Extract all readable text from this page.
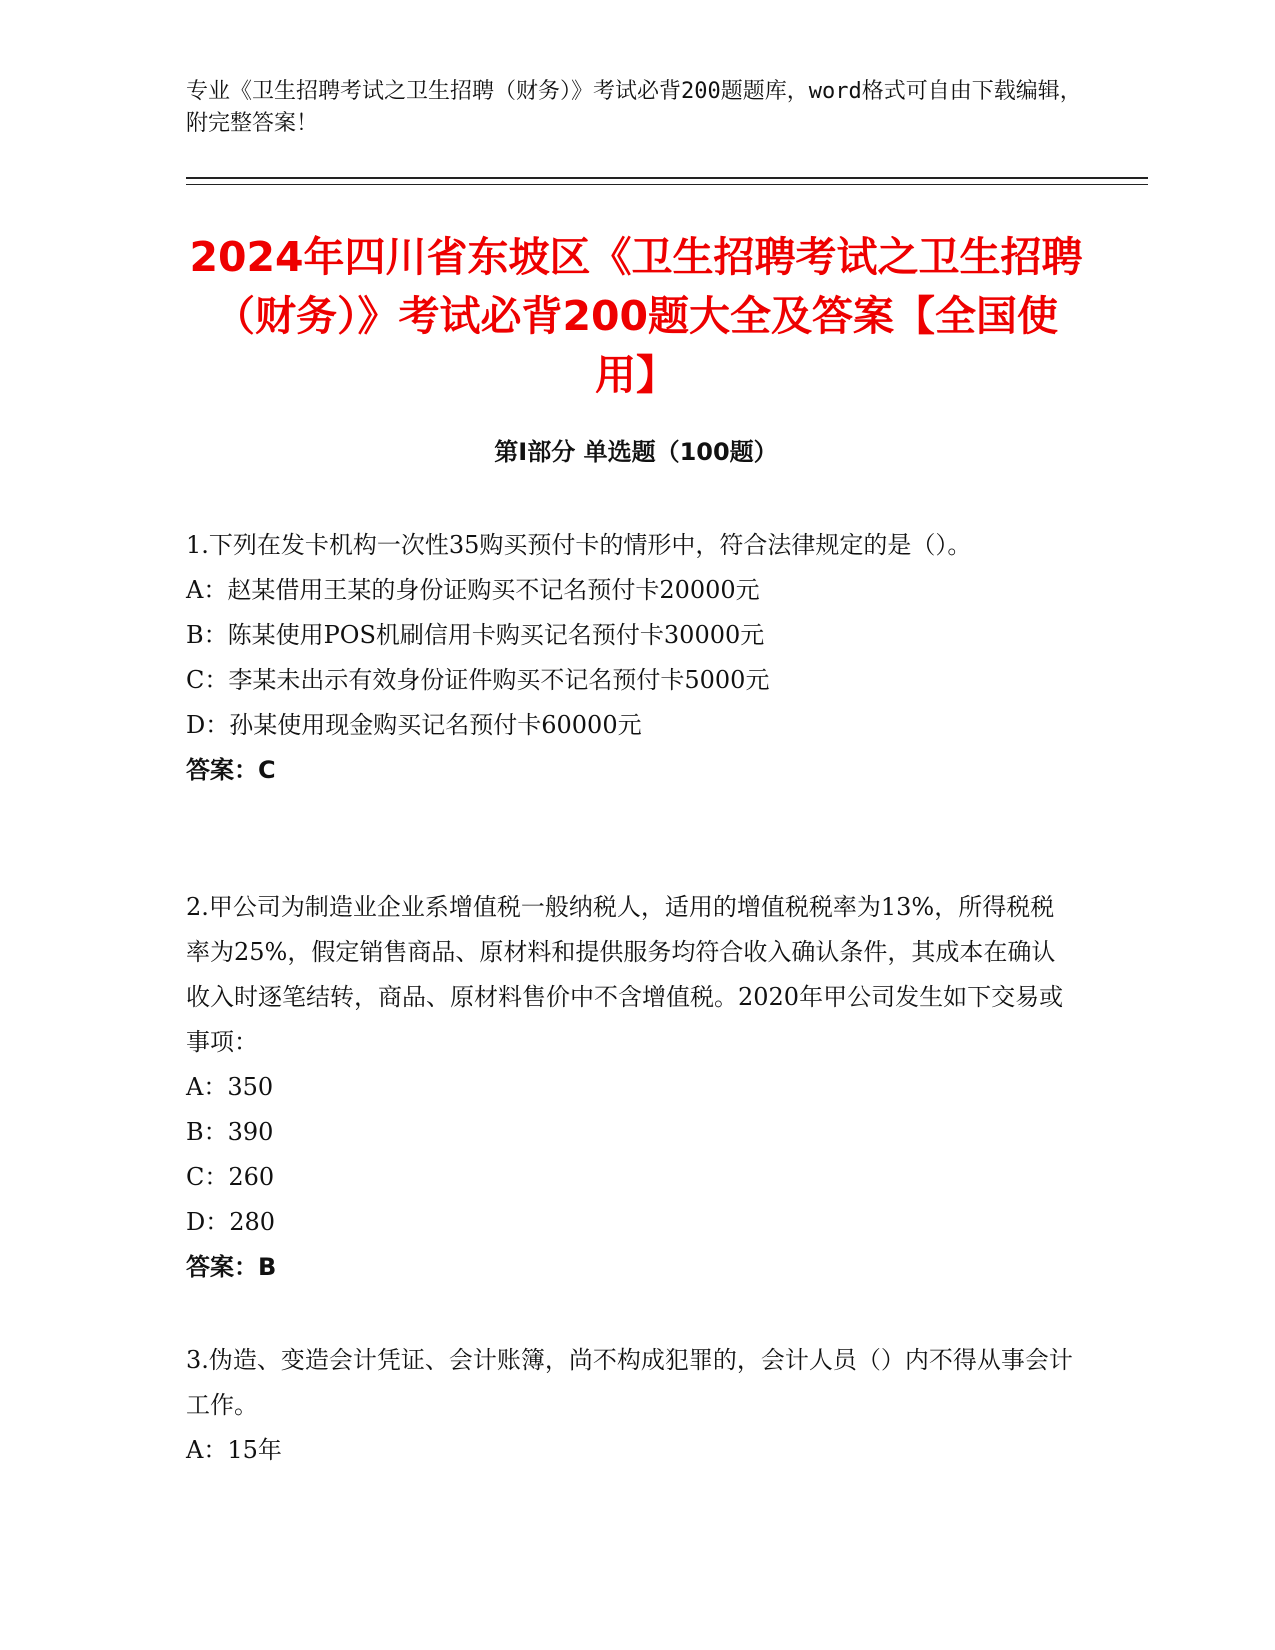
专业《卫生招聘考试之卫生招聘（财务）》考试必背200题题库，word格式可自由下载编辑，附完整答案！

2024年四川省东坡区《卫生招聘考试之卫生招聘（财务）》考试必背200题大全及答案【全国使用】
第I部分 单选题（100题）

1.下列在发卡机构一次性35购买预付卡的情形中，符合法律规定的是（）。

A：赵某借用王某的身份证购买不记名预付卡20000元

B：陈某使用POS机刷信用卡购买记名预付卡30000元

C：李某未出示有效身份证件购买不记名预付卡5000元

D：孙某使用现金购买记名预付卡60000元

答案：C

2.甲公司为制造业企业系增值税一般纳税人，适用的增值税税率为13%，所得税税率为25%，假定销售商品、原材料和提供服务均符合收入确认条件，其成本在确认收入时逐笔结转，商品、原材料售价中不含增值税。2020年甲公司发生如下交易或事项：

A：350

B：390

C：260

D：280

答案：B

3.伪造、变造会计凭证、会计账簿，尚不构成犯罪的，会计人员（）内不得从事会计工作。

A：15年
